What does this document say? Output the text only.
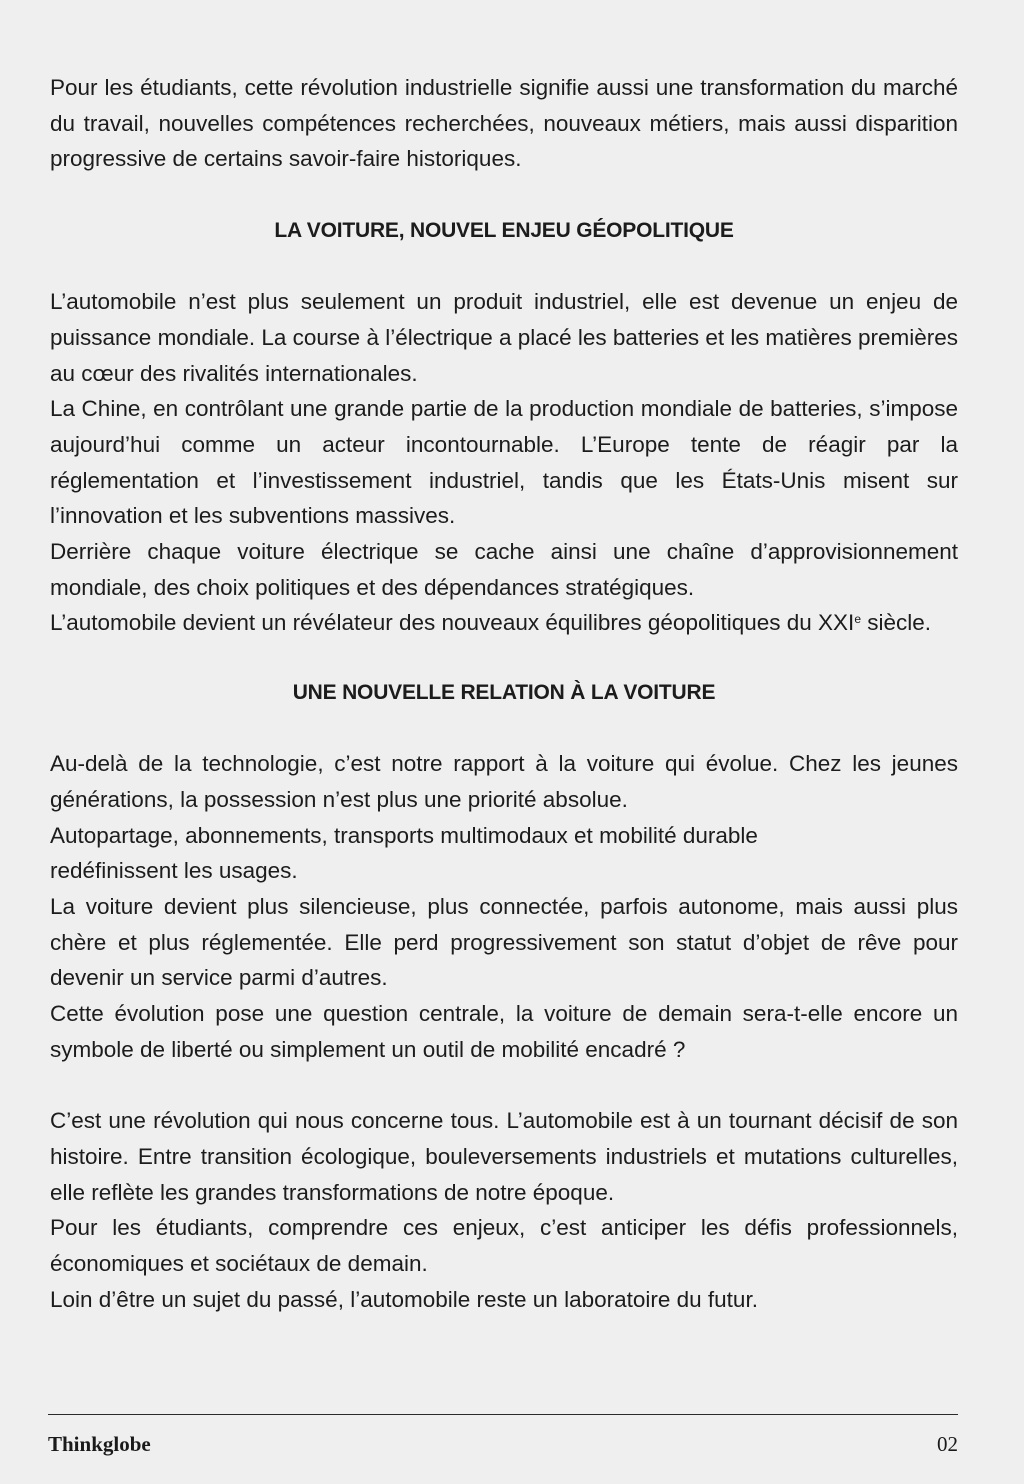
Pour les étudiants, cette révolution industrielle signifie aussi une transformation du marché du travail, nouvelles compétences recherchées, nouveaux métiers, mais aussi disparition progressive de certains savoir-faire historiques.

LA VOITURE, NOUVEL ENJEU GÉOPOLITIQUE

L’automobile n’est plus seulement un produit industriel, elle est devenue un enjeu de puissance mondiale. La course à l’électrique a placé les batteries et les matières premières au cœur des rivalités internationales.

La Chine, en contrôlant une grande partie de la production mondiale de batteries, s’impose aujourd’hui comme un acteur incontournable. L’Europe tente de réagir par la réglementation et l’investissement industriel, tandis que les États-Unis misent sur l’innovation et les subventions massives.

Derrière chaque voiture électrique se cache ainsi une chaîne d’approvisionnement mondiale, des choix politiques et des dépendances stratégiques.

L’automobile devient un révélateur des nouveaux équilibres géopolitiques du XXIe siècle.

UNE NOUVELLE RELATION À LA VOITURE

Au-delà de la technologie, c’est notre rapport à la voiture qui évolue. Chez les jeunes générations, la possession n’est plus une priorité absolue.

Autopartage, abonnements, transports multimodaux et mobilité durable
redéfinissent les usages.

La voiture devient plus silencieuse, plus connectée, parfois autonome, mais aussi plus chère et plus réglementée. Elle perd progressivement son statut d’objet de rêve pour devenir un service parmi d’autres.

Cette évolution pose une question centrale, la voiture de demain sera-t-elle encore un symbole de liberté ou simplement un outil de mobilité encadré ?

C’est une révolution qui nous concerne tous. L’automobile est à un tournant décisif de son histoire. Entre transition écologique, bouleversements industriels et mutations culturelles, elle reflète les grandes transformations de notre époque.

Pour les étudiants, comprendre ces enjeux, c’est anticiper les défis professionnels, économiques et sociétaux de demain.

Loin d’être un sujet du passé, l’automobile reste un laboratoire du futur.

Thinkglobe	02
